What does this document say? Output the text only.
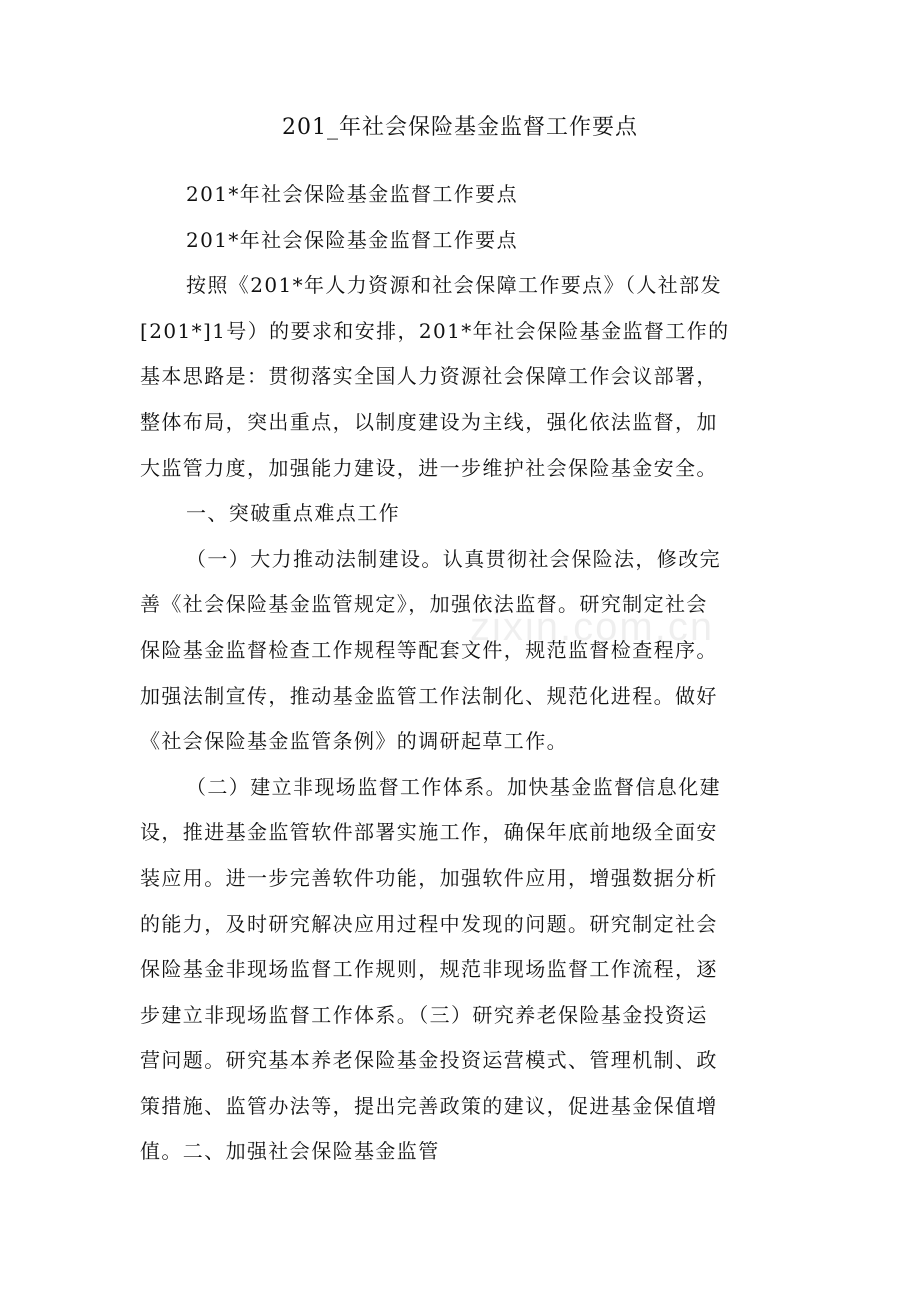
zixin.com.cn
201_年社会保险基金监督工作要点
201*年社会保险基金监督工作要点
201*年社会保险基金监督工作要点
按照《201*年人力资源和社会保障工作要点》（人社部发
[201*]1号）的要求和安排，201*年社会保险基金监督工作的
基本思路是：贯彻落实全国人力资源社会保障工作会议部署，
整体布局，突出重点，以制度建设为主线，强化依法监督，加
大监管力度，加强能力建设，进一步维护社会保险基金安全。
一、突破重点难点工作
（一）大力推动法制建设。认真贯彻社会保险法，修改完
善《社会保险基金监管规定》，加强依法监督。研究制定社会
保险基金监督检查工作规程等配套文件，规范监督检查程序。
加强法制宣传，推动基金监管工作法制化、规范化进程。做好
《社会保险基金监管条例》的调研起草工作。
（二）建立非现场监督工作体系。加快基金监督信息化建
设，推进基金监管软件部署实施工作，确保年底前地级全面安
装应用。进一步完善软件功能，加强软件应用，增强数据分析
的能力，及时研究解决应用过程中发现的问题。研究制定社会
保险基金非现场监督工作规则，规范非现场监督工作流程，逐
步建立非现场监督工作体系。（三）研究养老保险基金投资运
营问题。研究基本养老保险基金投资运营模式、管理机制、政
策措施、监管办法等，提出完善政策的建议，促进基金保值增
值。二、加强社会保险基金监管
